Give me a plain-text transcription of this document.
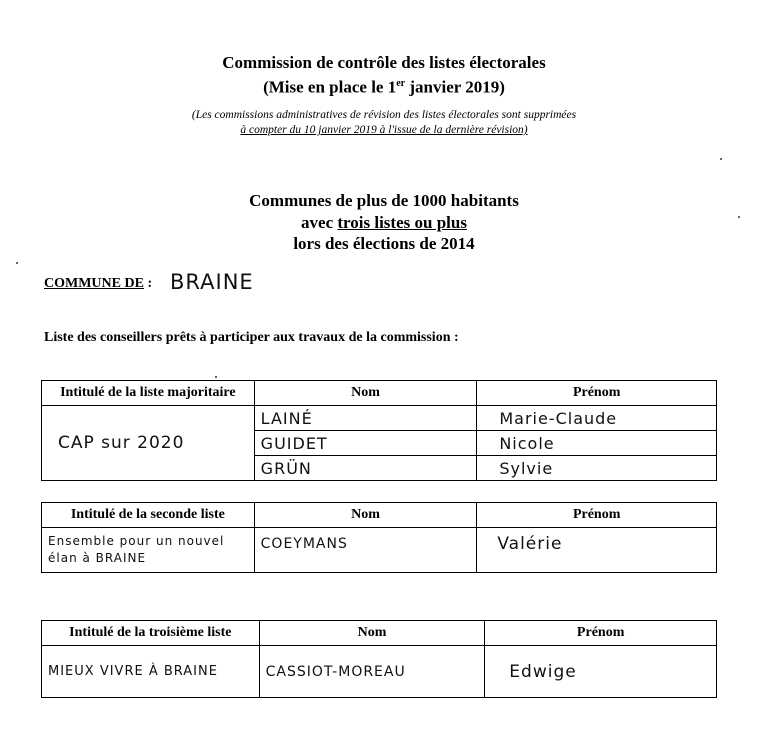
Commission de contrôle des listes électorales
(Mise en place le 1er janvier 2019)
(Les commissions administratives de révision des listes électorales sont supprimées
à compter du 10 janvier 2019 à l'issue de la dernière révision)
Communes de plus de 1000 habitants
avec trois listes ou plus
lors des élections de 2014
COMMUNE DE : BRAINE
Liste des conseillers prêts à participer aux travaux de la commission :
Intitulé de la liste majoritaire	Nom	Prénom
CAP sur 2020	LAINÉ	Marie-Claude
	GUIDET	Nicole
	GRÜN	Sylvie
Intitulé de la seconde liste	Nom	Prénom

Ensemble pour un nouvel
élan à BRAINE	COEYMANS	Valérie
Intitulé de la troisième liste	Nom	Prénom
MIEUX VIVRE À BRAINE	CASSIOT-MOREAU	Edwige
